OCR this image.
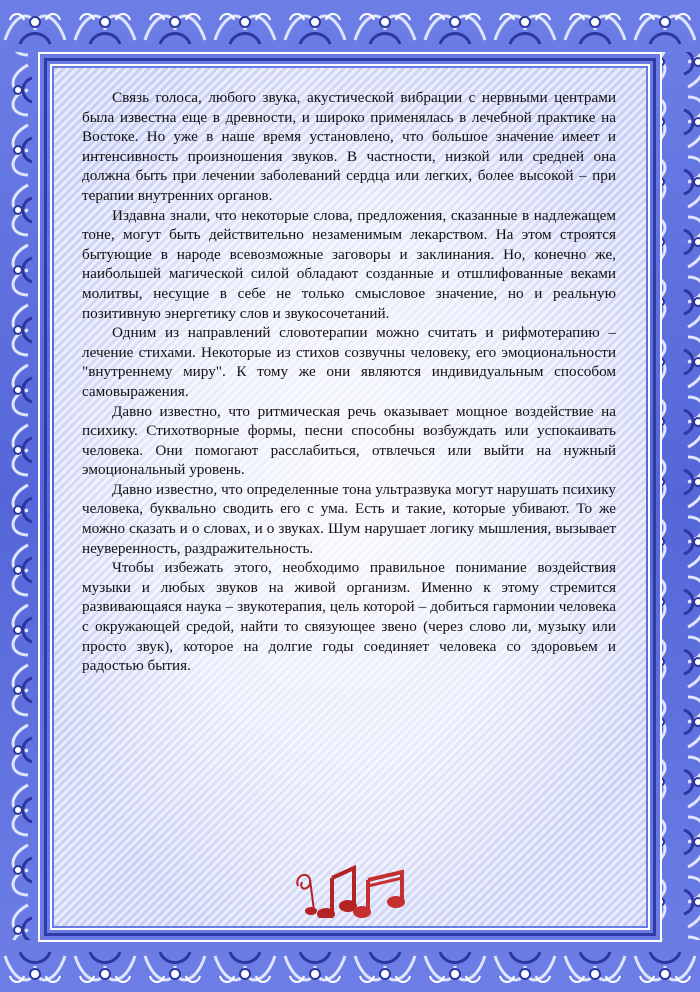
Связь голоса, любого звука, акустической вибрации с нервными центрами была известна еще в древности, и широко применялась в лечебной практике на Востоке. Но уже в наше время установлено, что большое значение имеет и интенсивность произношения звуков. В частности, низкой или средней она должна быть при лечении заболеваний сердца или легких, более высокой – при терапии внутренних органов.

Издавна знали, что некоторые слова, предложения, сказанные в надлежащем тоне, могут быть действительно незаменимым лекарством. На этом строятся бытующие в народе всевозможные заговоры и заклинания. Но, конечно же, наибольшей магической силой обладают созданные и отшлифованные веками молитвы, несущие в себе не только смысловое значение, но и реальную позитивную энергетику слов и звукосочетаний.

Одним из направлений словотерапии можно считать и рифмотерапию – лечение стихами. Некоторые из стихов созвучны человеку, его эмоциональности "внутреннему миру". К тому же они являются индивидуальным способом самовыражения.

Давно известно, что ритмическая речь оказывает мощное воздействие на психику. Стихотворные формы, песни способны возбуждать или успокаивать человека. Они помогают расслабиться, отвлечься или выйти на нужный эмоциональный уровень.

Давно известно, что определенные тона ультразвука могут нарушать психику человека, буквально сводить его с ума. Есть и такие, которые убивают. То же можно сказать и о словах, и о звуках. Шум нарушает логику мышления, вызывает неуверенность, раздражительность.

Чтобы избежать этого, необходимо правильное понимание воздействия музыки и любых звуков на живой организм. Именно к этому стремится развивающаяся наука – звукотерапия, цель которой – добиться гармонии человека с окружающей средой, найти то связующее звено (через слово ли, музыку или просто звук), которое на долгие годы соединяет человека со здоровьем и радостью бытия.
